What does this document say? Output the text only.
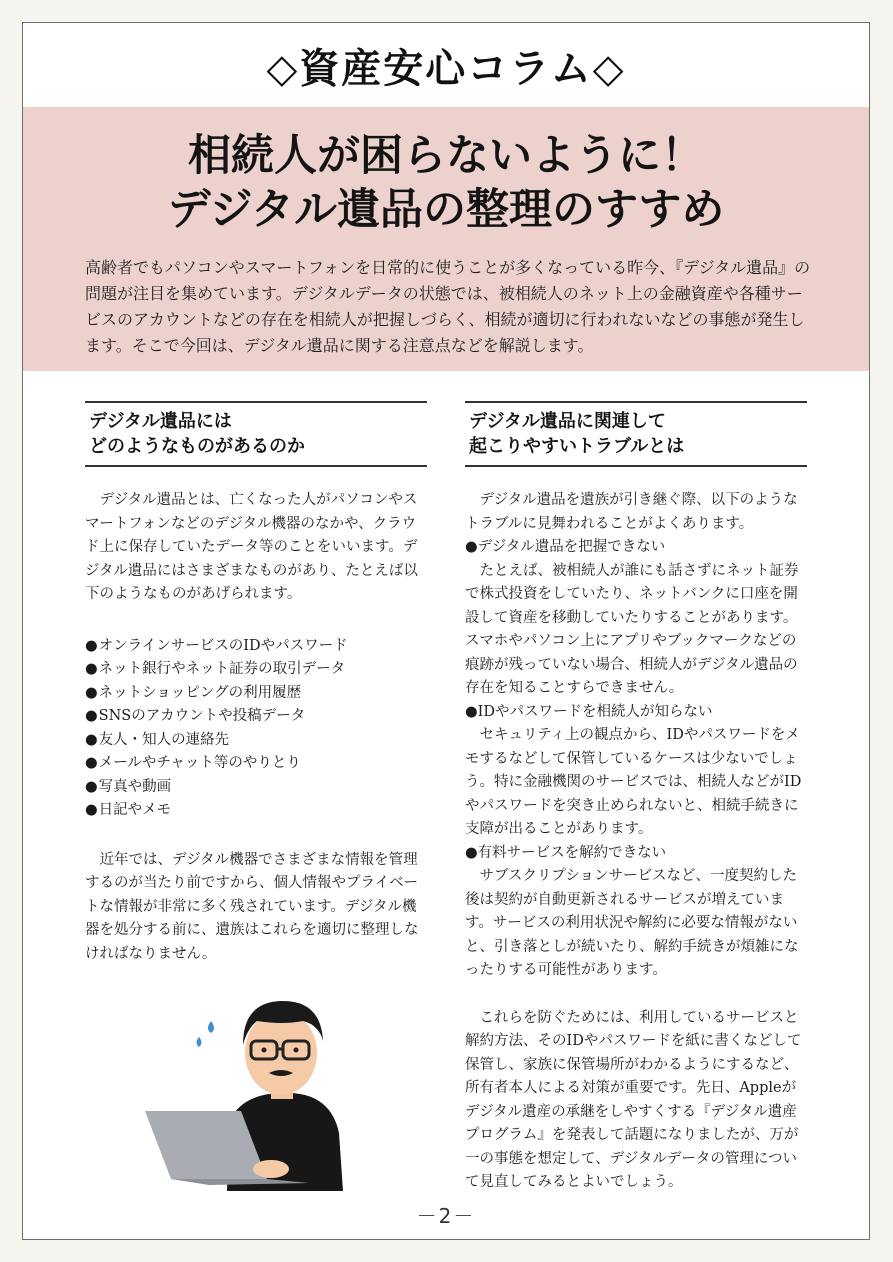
◇資産安心コラム◇
相続人が困らないように！
デジタル遺品の整理のすすめ

高齢者でもパソコンやスマートフォンを日常的に使うことが多くなっている昨今、『デジタル遺品』の問題が注目を集めています。デジタルデータの状態では、被相続人のネット上の金融資産や各種サービスのアカウントなどの存在を相続人が把握しづらく、相続が適切に行われないなどの事態が発生します。そこで今回は、デジタル遺品に関する注意点などを解説します。

デジタル遺品には
どのようなものがあるのか

デジタル遺品とは、亡くなった人がパソコンやスマートフォンなどのデジタル機器のなかや、クラウド上に保存していたデータ等のことをいいます。デジタル遺品にはさまざまなものがあり、たとえば以下のようなものがあげられます。

● オンラインサービスのIDやパスワード
● ネット銀行やネット証券の取引データ
● ネットショッピングの利用履歴
● SNSのアカウントや投稿データ
● 友人・知人の連絡先
● メールやチャット等のやりとり
● 写真や動画
● 日記やメモ

近年では、デジタル機器でさまざまな情報を管理するのが当たり前ですから、個人情報やプライベートな情報が非常に多く残されています。デジタル機器を処分する前に、遺族はこれらを適切に整理しなければなりません。

デジタル遺品に関連して
起こりやすいトラブルとは

デジタル遺品を遺族が引き継ぐ際、以下のようなトラブルに見舞われることがよくあります。

● デジタル遺品を把握できない

たとえば、被相続人が誰にも話さずにネット証券で株式投資をしていたり、ネットバンクに口座を開設して資産を移動していたりすることがあります。スマホやパソコン上にアプリやブックマークなどの痕跡が残っていない場合、相続人がデジタル遺品の存在を知ることすらできません。

● IDやパスワードを相続人が知らない

セキュリティ上の観点から、IDやパスワードをメモするなどして保管しているケースは少ないでしょう。特に金融機関のサービスでは、相続人などがIDやパスワードを突き止められないと、相続手続きに支障が出ることがあります。

● 有料サービスを解約できない

サブスクリプションサービスなど、一度契約した後は契約が自動更新されるサービスが増えています。サービスの利用状況や解約に必要な情報がないと、引き落としが続いたり、解約手続きが煩雑になったりする可能性があります。

これらを防ぐためには、利用しているサービスと解約方法、そのIDやパスワードを紙に書くなどして保管し、家族に保管場所がわかるようにするなど、所有者本人による対策が重要です。先日、Appleがデジタル遺産の承継をしやすくする『デジタル遺産プログラム』を発表して話題になりましたが、万が一の事態を想定して、デジタルデータの管理について見直してみるとよいでしょう。

－2－
